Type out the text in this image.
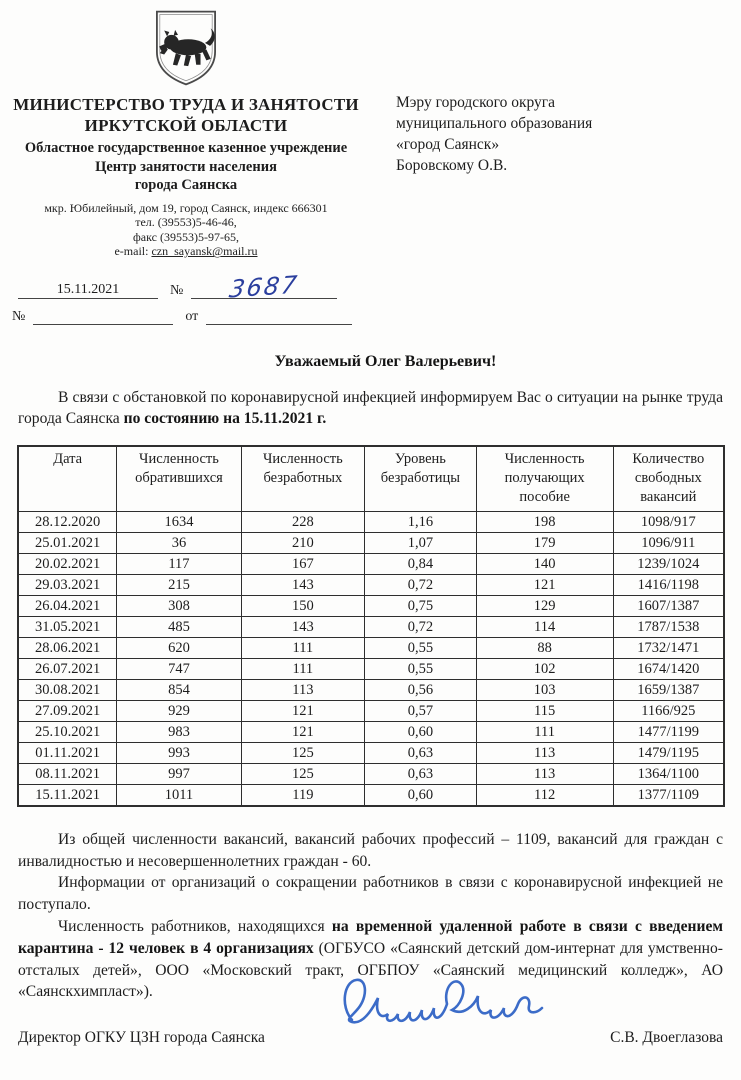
МИНИСТЕРСТВО ТРУДА И ЗАНЯТОСТИ
ИРКУТСКОЙ ОБЛАСТИ
Областное государственное казенное учреждение
Центр занятости населения
города Саянска
мкр. Юбилейный, дом 19, город Саянск, индекс 666301
тел. (39553)5-46-46,
факс (39553)5-97-65,
e-mail: czn_sayansk@mail.ru
Мэру городского округа
муниципального образования
«город Саянск»
Боровскому О.В.
15.11.2021	№ 3687
№	от
Уважаемый Олег Валерьевич!

В связи с обстановкой по коронавирусной инфекцией информируем Вас о ситуации на рынке труда города Саянска по состоянию на 15.11.2021 г.

Дата	Численность обратившихся	Численность безработных	Уровень безработицы	Численность получающих пособие	Количество свободных вакансий
28.12.2020	1634	228	1,16	198	1098/917
25.01.2021	36	210	1,07	179	1096/911
20.02.2021	117	167	0,84	140	1239/1024
29.03.2021	215	143	0,72	121	1416/1198
26.04.2021	308	150	0,75	129	1607/1387
31.05.2021	485	143	0,72	114	1787/1538
28.06.2021	620	111	0,55	88	1732/1471
26.07.2021	747	111	0,55	102	1674/1420
30.08.2021	854	113	0,56	103	1659/1387
27.09.2021	929	121	0,57	115	1166/925
25.10.2021	983	121	0,60	111	1477/1199
01.11.2021	993	125	0,63	113	1479/1195
08.11.2021	997	125	0,63	113	1364/1100
15.11.2021	1011	119	0,60	112	1377/1109

Из общей численности вакансий, вакансий рабочих профессий – 1109, вакансий для граждан с инвалидностью и несовершеннолетних граждан - 60.

Информации от организаций о сокращении работников в связи с коронавирусной инфекцией не поступало.

Численность работников, находящихся на временной удаленной работе в связи с введением карантина - 12 человек в 4 организациях (ОГБУСО «Саянский детский дом-интернат для умственно-отсталых детей», ООО «Московский тракт, ОГБПОУ «Саянский медицинский колледж», АО «Саянскхимпласт»).

Директор ОГКУ ЦЗН города Саянска	С.В. Двоеглазова
